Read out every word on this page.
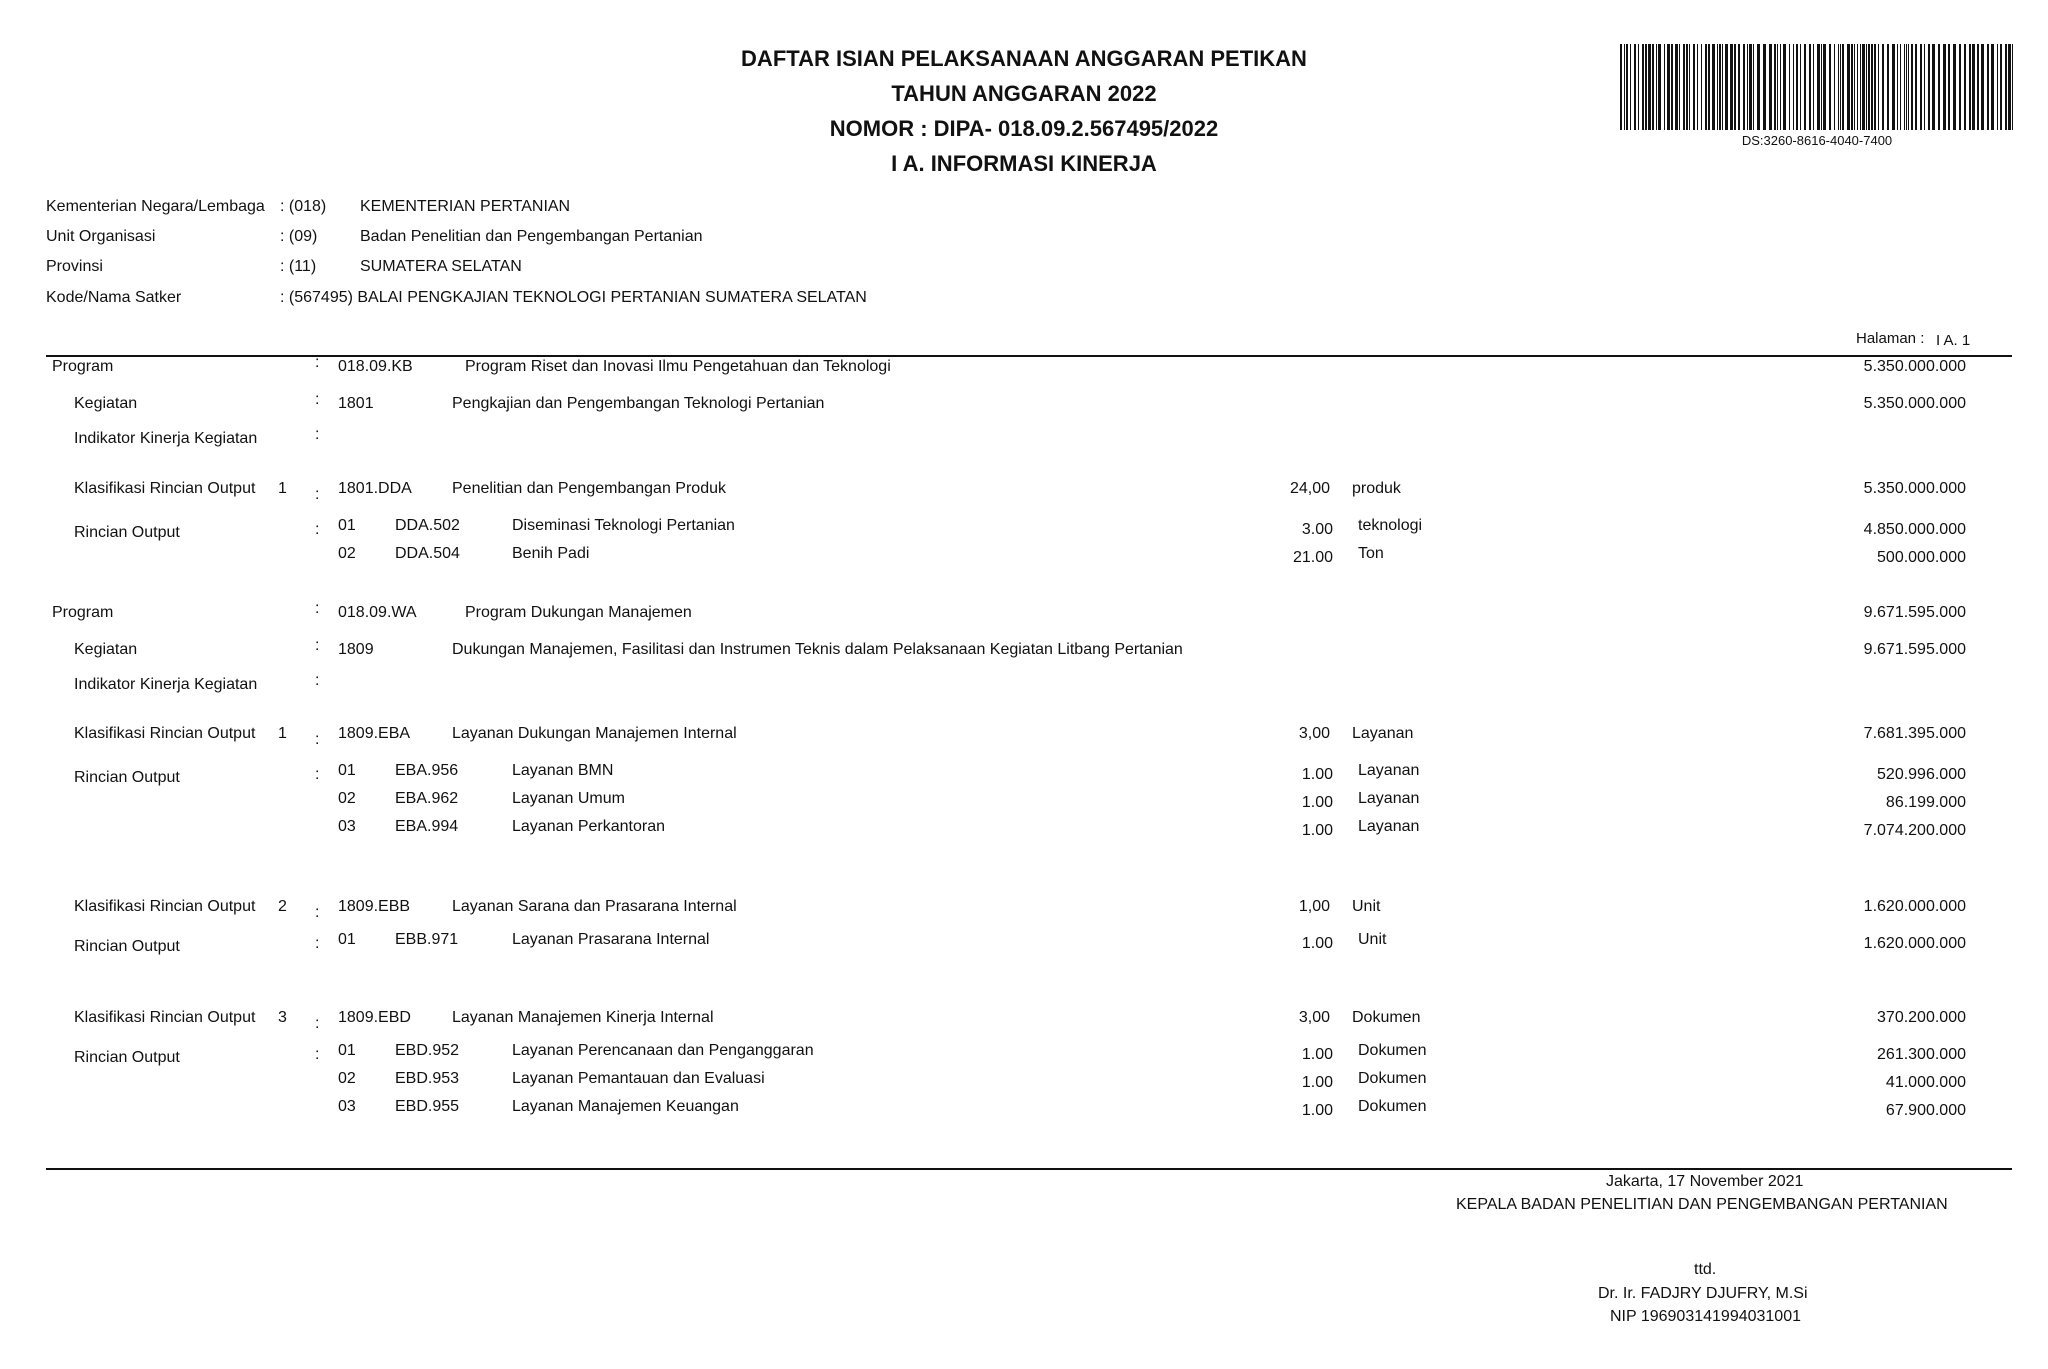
DAFTAR ISIAN PELAKSANAAN ANGGARAN PETIKAN
TAHUN ANGGARAN 2022
NOMOR : DIPA- 018.09.2.567495/2022
I A. INFORMASI KINERJA
DS:3260-8616-4040-7400
Kementerian Negara/Lembaga : (018) KEMENTERIAN PERTANIAN
Unit Organisasi	: (09)	Badan Penelitian dan Pengembangan Pertanian
Provinsi	: (11)	SUMATERA SELATAN
Kode/Nama Satker	: (567495) BALAI PENGKAJIAN TEKNOLOGI PERTANIAN SUMATERA SELATAN
Halaman : I A. 1
Program	: 018.09.KB	Program Riset dan Inovasi Ilmu Pengetahuan dan Teknologi	5.350.000.000
Kegiatan	: 1801	Pengkajian dan Pengembangan Teknologi Pertanian	5.350.000.000
Indikator Kinerja Kegiatan	:
Klasifikasi Rincian Output 1 : 1801.DDA	Penelitian dan Pengembangan Produk	24,00 produk	5.350.000.000
Rincian Output	: 01 DDA.502	Diseminasi Teknologi Pertanian	3.00 teknologi	4.850.000.000
02 DDA.504	Benih Padi	21.00 Ton	500.000.000
Program	: 018.09.WA	Program Dukungan Manajemen	9.671.595.000
Kegiatan	: 1809	Dukungan Manajemen, Fasilitasi dan Instrumen Teknis dalam Pelaksanaan Kegiatan Litbang Pertanian	9.671.595.000
Indikator Kinerja Kegiatan	:
Klasifikasi Rincian Output 1 : 1809.EBA	Layanan Dukungan Manajemen Internal	3,00 Layanan	7.681.395.000
Rincian Output	: 01 EBA.956	Layanan BMN	1.00 Layanan	520.996.000
02 EBA.962	Layanan Umum	1.00 Layanan	86.199.000
03 EBA.994	Layanan Perkantoran	1.00 Layanan	7.074.200.000
Klasifikasi Rincian Output 2 : 1809.EBB	Layanan Sarana dan Prasarana Internal	1,00 Unit	1.620.000.000
Rincian Output	: 01 EBB.971	Layanan Prasarana Internal	1.00 Unit	1.620.000.000
Klasifikasi Rincian Output 3 : 1809.EBD	Layanan Manajemen Kinerja Internal	3,00 Dokumen	370.200.000
Rincian Output	: 01 EBD.952	Layanan Perencanaan dan Penganggaran	1.00 Dokumen	261.300.000
02 EBD.953	Layanan Pemantauan dan Evaluasi	1.00 Dokumen	41.000.000
03 EBD.955	Layanan Manajemen Keuangan	1.00 Dokumen	67.900.000
Jakarta, 17 November 2021
KEPALA BADAN PENELITIAN DAN PENGEMBANGAN PERTANIAN
ttd.
Dr. Ir. FADJRY DJUFRY, M.Si
NIP 196903141994031001
